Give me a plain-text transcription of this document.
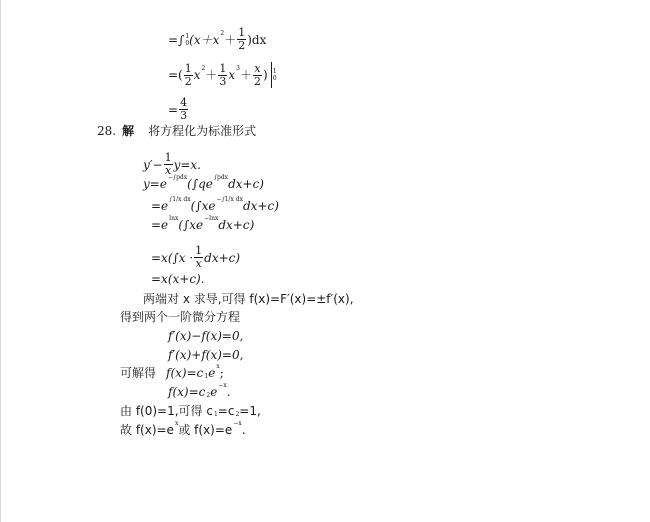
=∫ 1
0 (x＋x $2 + \frac{1}{2} )dx$
=( $\frac{1}{2}$ x $2 + \frac{1}{3}$ x $3 + \frac{x}{2}$ ) 1
0
= $\frac{4}{3}$
28. 解 将方程化为标准形式
$y'- \frac{1}{x} y=x$.
y=e −∫pdx (∫qe ∫pdx dx+c)
=e ∫1/x dx (∫xe −∫1/x dx dx+c)
=e lnx (∫xe −lnx dx+c)
$=x(\int x \cdot \frac{1}{x} dx+c)$
=x(x+c).
两端对 x 求导,可得 f(x)=F′(x)=±f′(x),
得到两个一阶微分方程
f′(x)−f(x)=0,
f′(x)+f(x)=0,
可解得 f(x)=c 1 e x ;
f(x)=c 2 e −x .
由 f(0)=1,可得 c 1 =c 2 =1,
故 f(x)=e x 或 f(x)=e −x .
